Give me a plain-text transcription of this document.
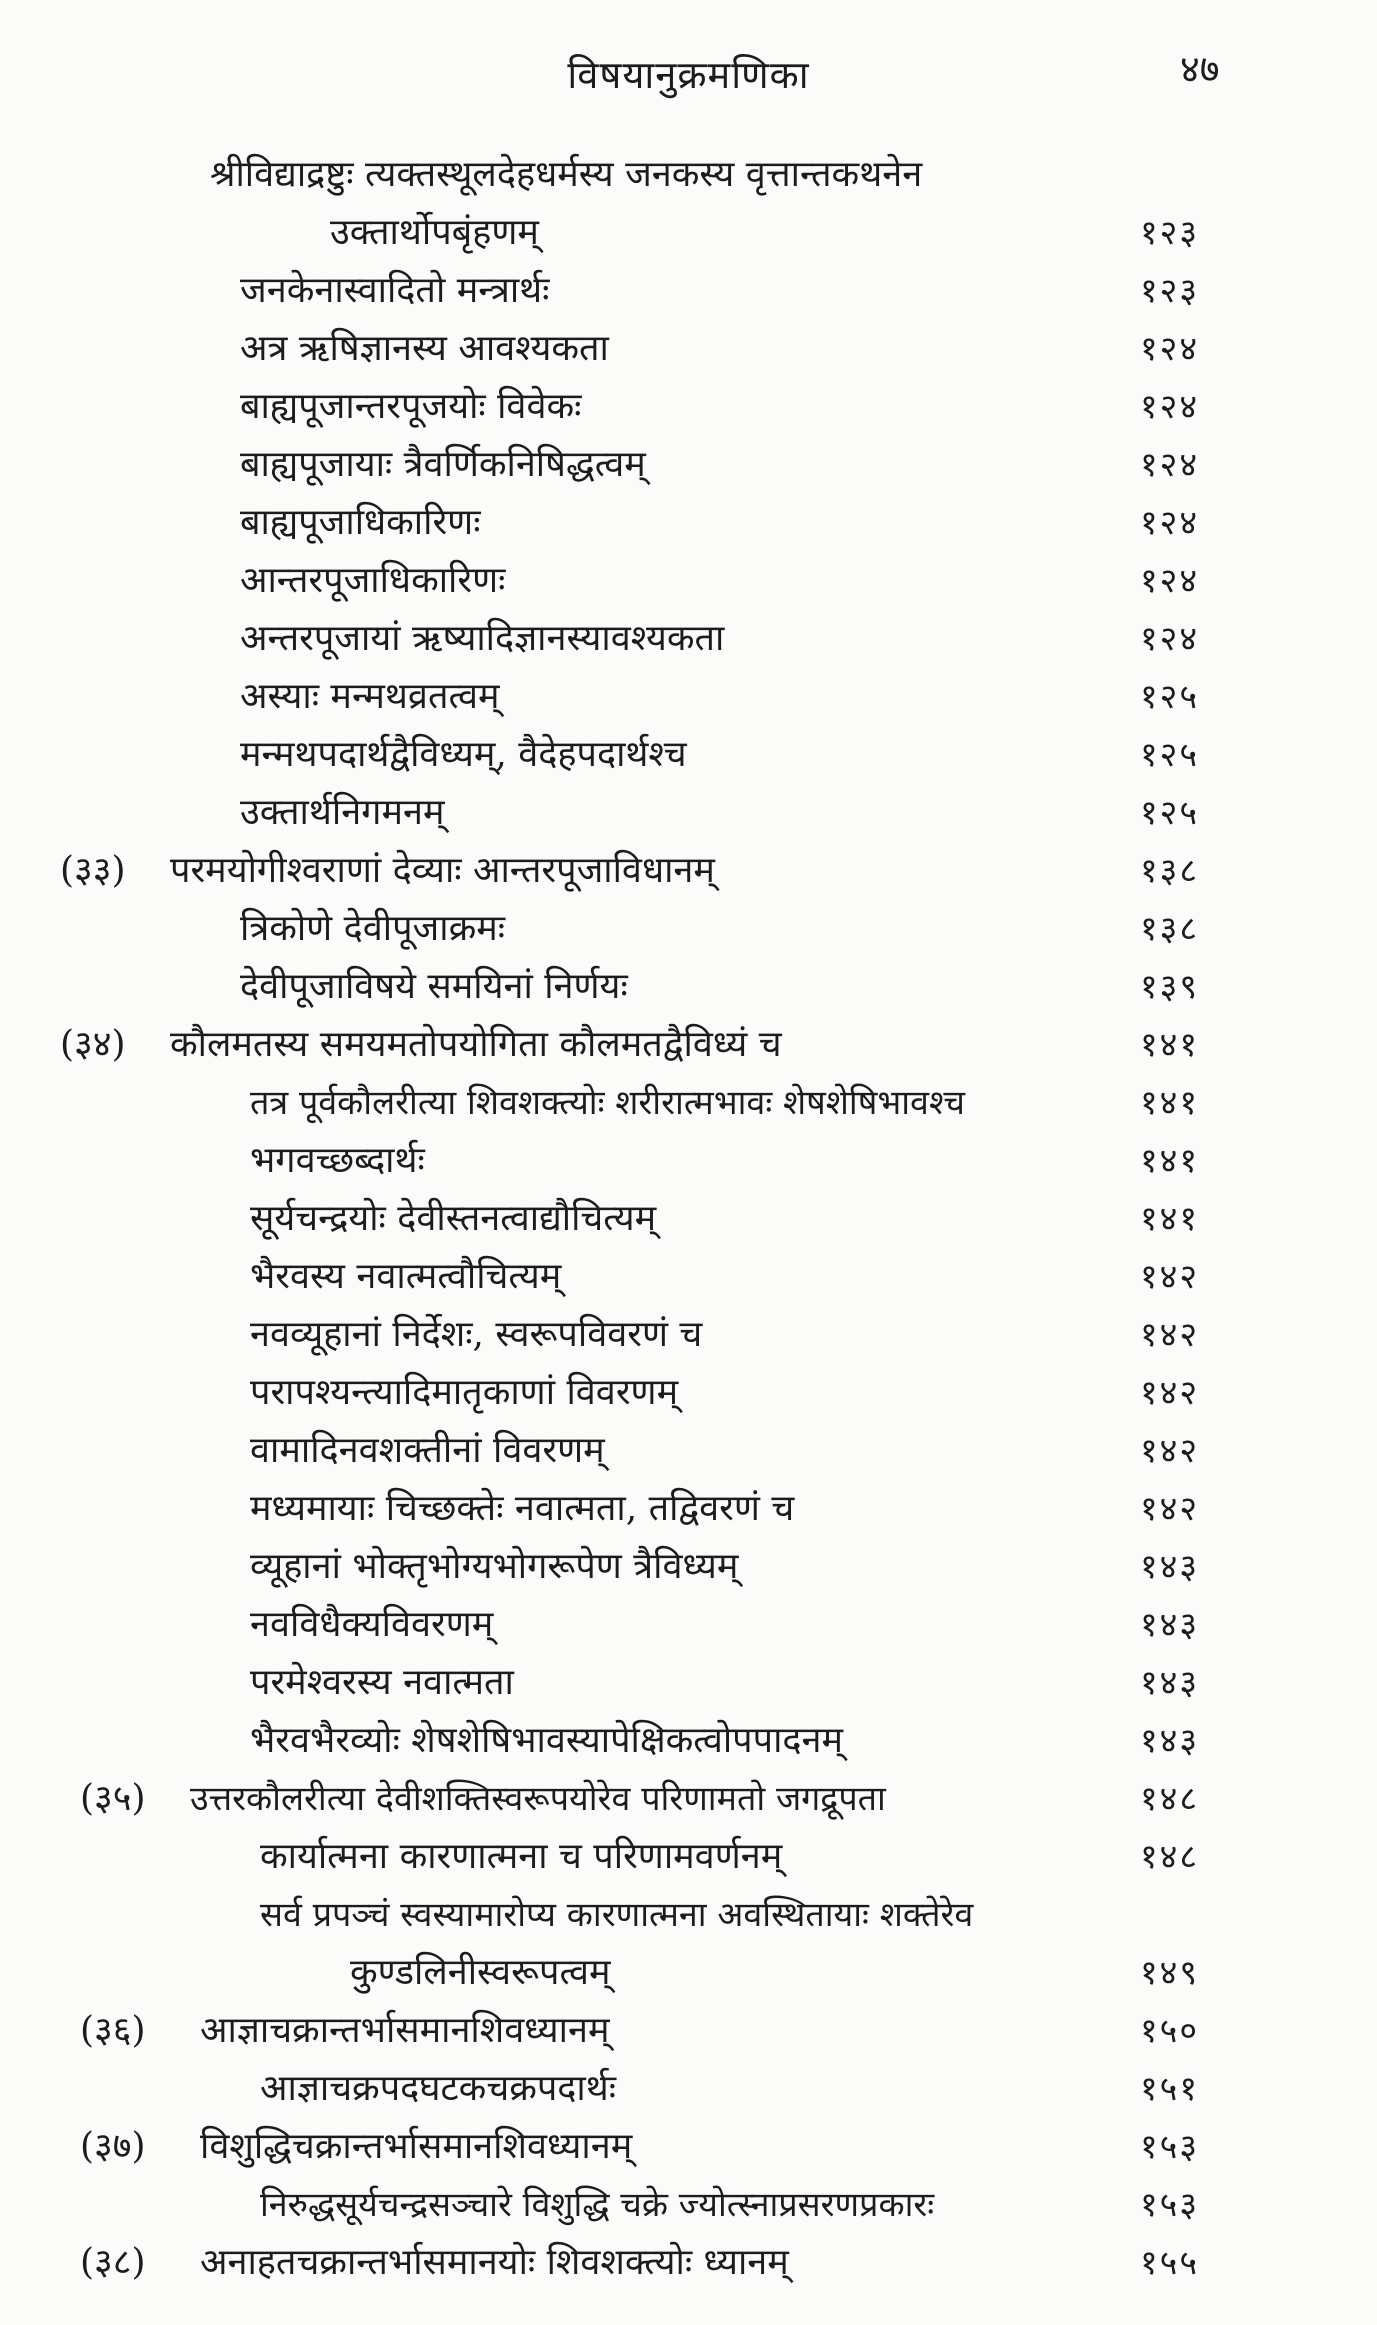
विषयानुक्रमणिका	४७
श्रीविद्याद्रष्टुः त्यक्तस्थूलदेहधर्मस्य जनकस्य वृत्तान्तकथनेन
उक्तार्थोपबृंहणम्	१२३
जनकेनास्वादितो मन्त्रार्थः	१२३
अत्र ऋषिज्ञानस्य आवश्यकता	१२४
बाह्यपूजान्तरपूजयोः विवेकः	१२४
बाह्यपूजायाः त्रैवर्णिकनिषिद्धत्वम्	१२४
बाह्यपूजाधिकारिणः	१२४
आन्तरपूजाधिकारिणः	१२४
अन्तरपूजायां ऋष्यादिज्ञानस्यावश्यकता	१२४
अस्याः मन्मथव्रतत्वम्	१२५
मन्मथपदार्थद्वैविध्यम्, वैदेहपदार्थश्च	१२५
उक्तार्थनिगमनम्	१२५
(३३) परमयोगीश्वराणां देव्याः आन्तरपूजाविधानम्	१३८
त्रिकोणे देवीपूजाक्रमः	१३८
देवीपूजाविषये समयिनां निर्णयः	१३९
(३४) कौलमतस्य समयमतोपयोगिता कौलमतद्वैविध्यं च	१४१
तत्र पूर्वकौलरीत्या शिवशक्त्योः शरीरात्मभावः शेषशेषिभावश्च	१४१
भगवच्छब्दार्थः	१४१
सूर्यचन्द्रयोः देवीस्तनत्वाद्यौचित्यम्	१४१
भैरवस्य नवात्मत्वौचित्यम्	१४२
नवव्यूहानां निर्देशः, स्वरूपविवरणं च	१४२
परापश्यन्त्यादिमातृकाणां विवरणम्	१४२
वामादिनवशक्तीनां विवरणम्	१४२
मध्यमायाः चिच्छक्तेः नवात्मता, तद्विवरणं च	१४२
व्यूहानां भोक्तृभोग्यभोगरूपेण त्रैविध्यम्	१४३
नवविधैक्यविवरणम्	१४३
परमेश्वरस्य नवात्मता	१४३
भैरवभैरव्योः शेषशेषिभावस्यापेक्षिकत्वोपपादनम्	१४३
(३५) उत्तरकौलरीत्या देवीशक्तिस्वरूपयोरेव परिणामतो जगद्रूपता	१४८
कार्यात्मना कारणात्मना च परिणामवर्णनम्	१४८
सर्व प्रपञ्चं स्वस्यामारोप्य कारणात्मना अवस्थितायाः शक्तेरेव
कुण्डलिनीस्वरूपत्वम्	१४९
(३६) आज्ञाचक्रान्तर्भासमानशिवध्यानम्	१५०
आज्ञाचक्रपदघटकचक्रपदार्थः	१५१
(३७) विशुद्धिचक्रान्तर्भासमानशिवध्यानम्	१५३
निरुद्धसूर्यचन्द्रसञ्चारे विशुद्धि चक्रे ज्योत्स्नाप्रसरणप्रकारः	१५३
(३८) अनाहतचक्रान्तर्भासमानयोः शिवशक्त्योः ध्यानम्	१५५
